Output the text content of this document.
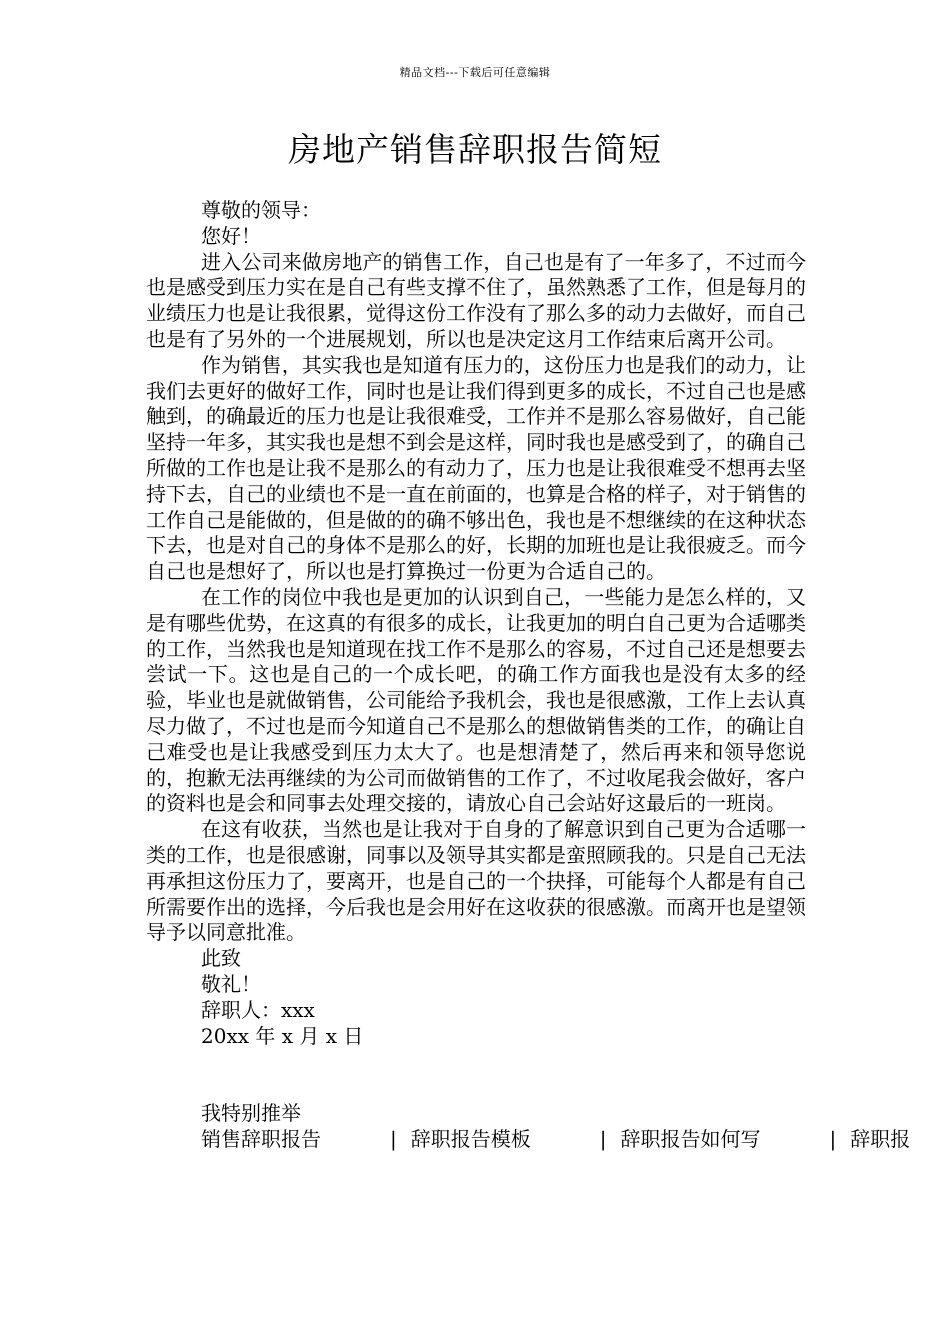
精品文档---下载后可任意编辑
房地产销售辞职报告简短
尊敬的领导：
您好！

进入公司来做房地产的销售工作，自己也是有了一年多了，不过而今也是感受到压力实在是自己有些支撑不住了，虽然熟悉了工作，但是每月的业绩压力也是让我很累，觉得这份工作没有了那么多的动力去做好，而自己也是有了另外的一个进展规划，所以也是决定这月工作结束后离开公司。

作为销售，其实我也是知道有压力的，这份压力也是我们的动力，让我们去更好的做好工作，同时也是让我们得到更多的成长，不过自己也是感触到，的确最近的压力也是让我很难受，工作并不是那么容易做好，自己能坚持一年多，其实我也是想不到会是这样，同时我也是感受到了，的确自己所做的工作也是让我不是那么的有动力了，压力也是让我很难受不想再去坚持下去，自己的业绩也不是一直在前面的，也算是合格的样子，对于销售的工作自己是能做的，但是做的的确不够出色，我也是不想继续的在这种状态下去，也是对自己的身体不是那么的好，长期的加班也是让我很疲乏。而今自己也是想好了，所以也是打算换过一份更为合适自己的。

在工作的岗位中我也是更加的认识到自己，一些能力是怎么样的，又是有哪些优势，在这真的有很多的成长，让我更加的明白自己更为合适哪类的工作，当然我也是知道现在找工作不是那么的容易，不过自己还是想要去尝试一下。这也是自己的一个成长吧，的确工作方面我也是没有太多的经验，毕业也是就做销售，公司能给予我机会，我也是很感激，工作上去认真尽力做了，不过也是而今知道自己不是那么的想做销售类的工作，的确让自己难受也是让我感受到压力太大了。也是想清楚了，然后再来和领导您说的，抱歉无法再继续的为公司而做销售的工作了，不过收尾我会做好，客户的资料也是会和同事去处理交接的，请放心自己会站好这最后的一班岗。

在这有收获，当然也是让我对于自身的了解意识到自己更为合适哪一类的工作，也是很感谢，同事以及领导其实都是蛮照顾我的。只是自己无法再承担这份压力了，要离开，也是自己的一个抉择，可能每个人都是有自己所需要作出的选择，今后我也是会用好在这收获的很感激。而离开也是望领导予以同意批准。

此致
敬礼！
辞职人：xxx
20xx 年 x 月 x 日
我特别推举
销售辞职报告	| 辞职报告模板	| 辞职报告如何写	| 辞职报
